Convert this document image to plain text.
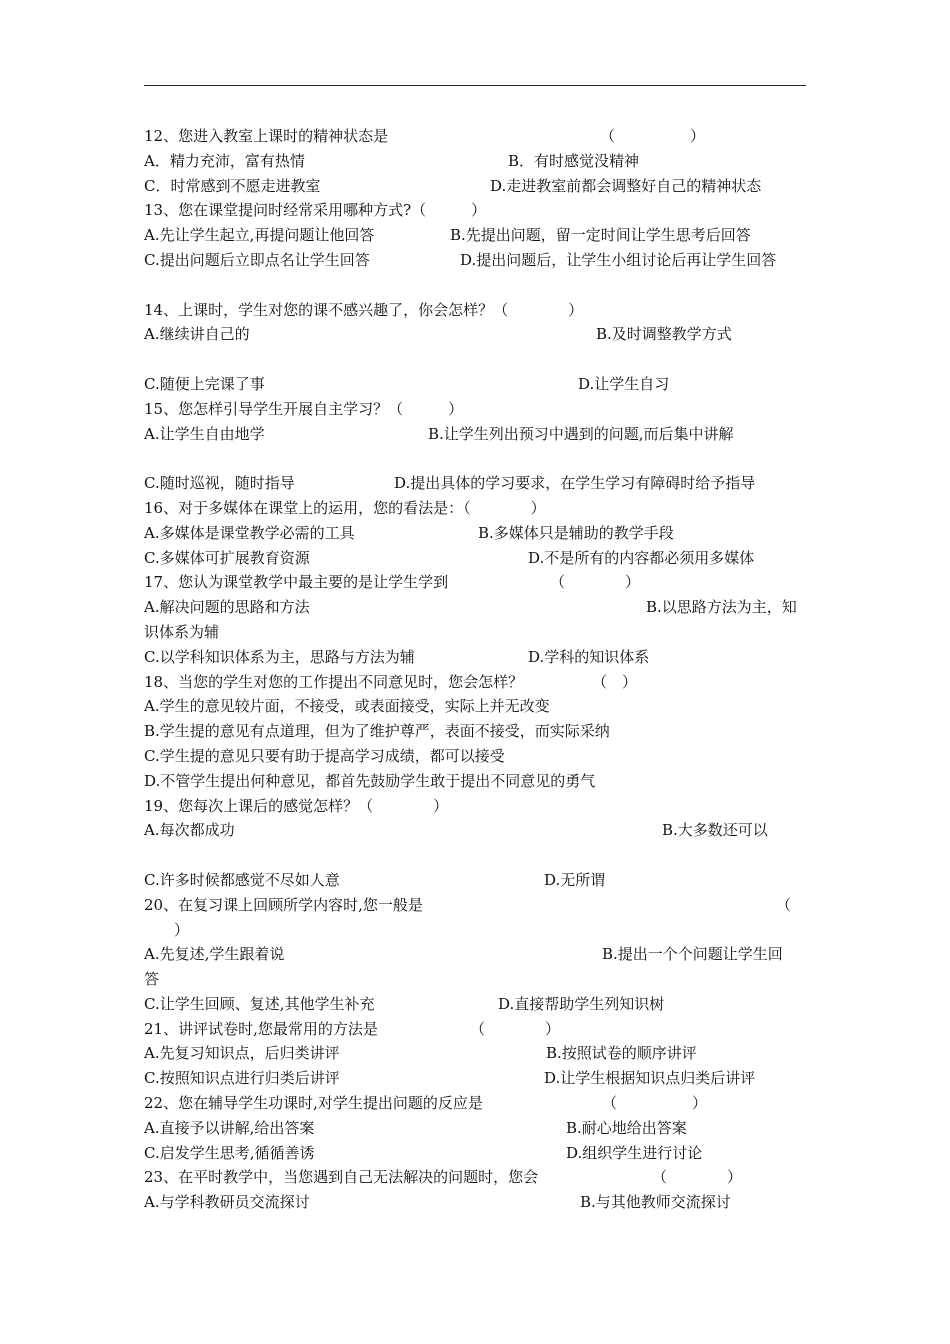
12、您进入教室上课时的精神状态是	（　　　　　）
A．精力充沛，富有热情	B．有时感觉没精神
C．时常感到不愿走进教室	D.走进教室前都会调整好自己的精神状态
13、您在课堂提问时经常采用哪种方式?（　　　）
A.先让学生起立,再提问题让他回答	B.先提出问题，留一定时间让学生思考后回答
C.提出问题后立即点名让学生回答	D.提出问题后，让学生小组讨论后再让学生回答
14、上课时，学生对您的课不感兴趣了，你会怎样？（　　　　）
A.继续讲自己的	B.及时调整教学方式
C.随便上完课了事	D.让学生自习
15、您怎样引导学生开展自主学习？（　　　）
A.让学生自由地学	B.让学生列出预习中遇到的问题,而后集中讲解
C.随时巡视，随时指导	D.提出具体的学习要求，在学生学习有障碍时给予指导
16、对于多媒体在课堂上的运用，您的看法是：（　　　　）
A.多媒体是课堂教学必需的工具	B.多媒体只是辅助的教学手段
C.多媒体可扩展教育资源	D.不是所有的内容都必须用多媒体
17、您认为课堂教学中最主要的是让学生学到	（　　　　）
A.解决问题的思路和方法	B.以思路方法为主，知
识体系为辅
C.以学科知识体系为主，思路与方法为辅	D.学科的知识体系
18、当您的学生对您的工作提出不同意见时，您会怎样？	（　）
A.学生的意见较片面，不接受，或表面接受，实际上并无改变
B.学生提的意见有点道理，但为了维护尊严，表面不接受，而实际采纳
C.学生提的意见只要有助于提高学习成绩，都可以接受
D.不管学生提出何种意见，都首先鼓励学生敢于提出不同意见的勇气
19、您每次上课后的感觉怎样？（　　　　）
A.每次都成功	B.大多数还可以
C.许多时候都感觉不尽如人意	D.无所谓
20、在复习课上回顾所学内容时,您一般是	（
）
A.先复述,学生跟着说	B.提出一个个问题让学生回
答
C.让学生回顾、复述,其他学生补充	D.直接帮助学生列知识树
21、讲评试卷时,您最常用的方法是	（　　　　）
A.先复习知识点，后归类讲评	B.按照试卷的顺序讲评
C.按照知识点进行归类后讲评	D.让学生根据知识点归类后讲评
22、您在辅导学生功课时,对学生提出问题的反应是	（　　　　　）
A.直接予以讲解,给出答案	B.耐心地给出答案
C.启发学生思考,循循善诱	D.组织学生进行讨论
23、在平时教学中，当您遇到自己无法解决的问题时，您会	（　　　　）
A.与学科教研员交流探讨	B.与其他教师交流探讨
